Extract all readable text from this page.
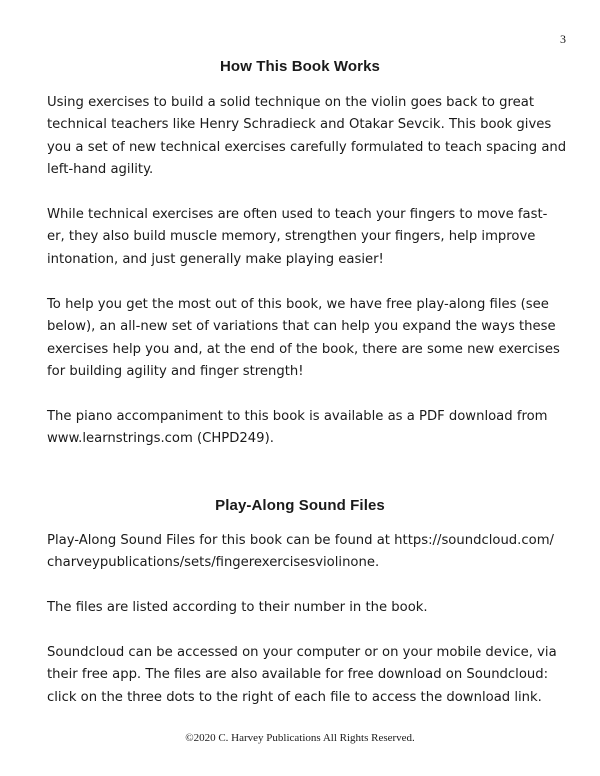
3
How This Book Works

Using exercises to build a solid technique on the violin goes back to great
technical teachers like Henry Schradieck and Otakar Sevcik. This book gives
you a set of new technical exercises carefully formulated to teach spacing and
left-hand agility.

While technical exercises are often used to teach your fingers to move fast-
er, they also build muscle memory, strengthen your fingers, help improve
intonation, and just generally make playing easier!

To help you get the most out of this book, we have free play-along files (see
below), an all-new set of variations that can help you expand the ways these
exercises help you and, at the end of the book, there are some new exercises
for building agility and finger strength!

The piano accompaniment to this book is available as a PDF download from
www.learnstrings.com (CHPD249).

Play-Along Sound Files

Play-Along Sound Files for this book can be found at https://soundcloud.com/
charveypublications/sets/fingerexercisesviolinone.

The files are listed according to their number in the book.

Soundcloud can be accessed on your computer or on your mobile device, via
their free app. The files are also available for free download on Soundcloud:
click on the three dots to the right of each file to access the download link.

©2020 C. Harvey Publications All Rights Reserved.
